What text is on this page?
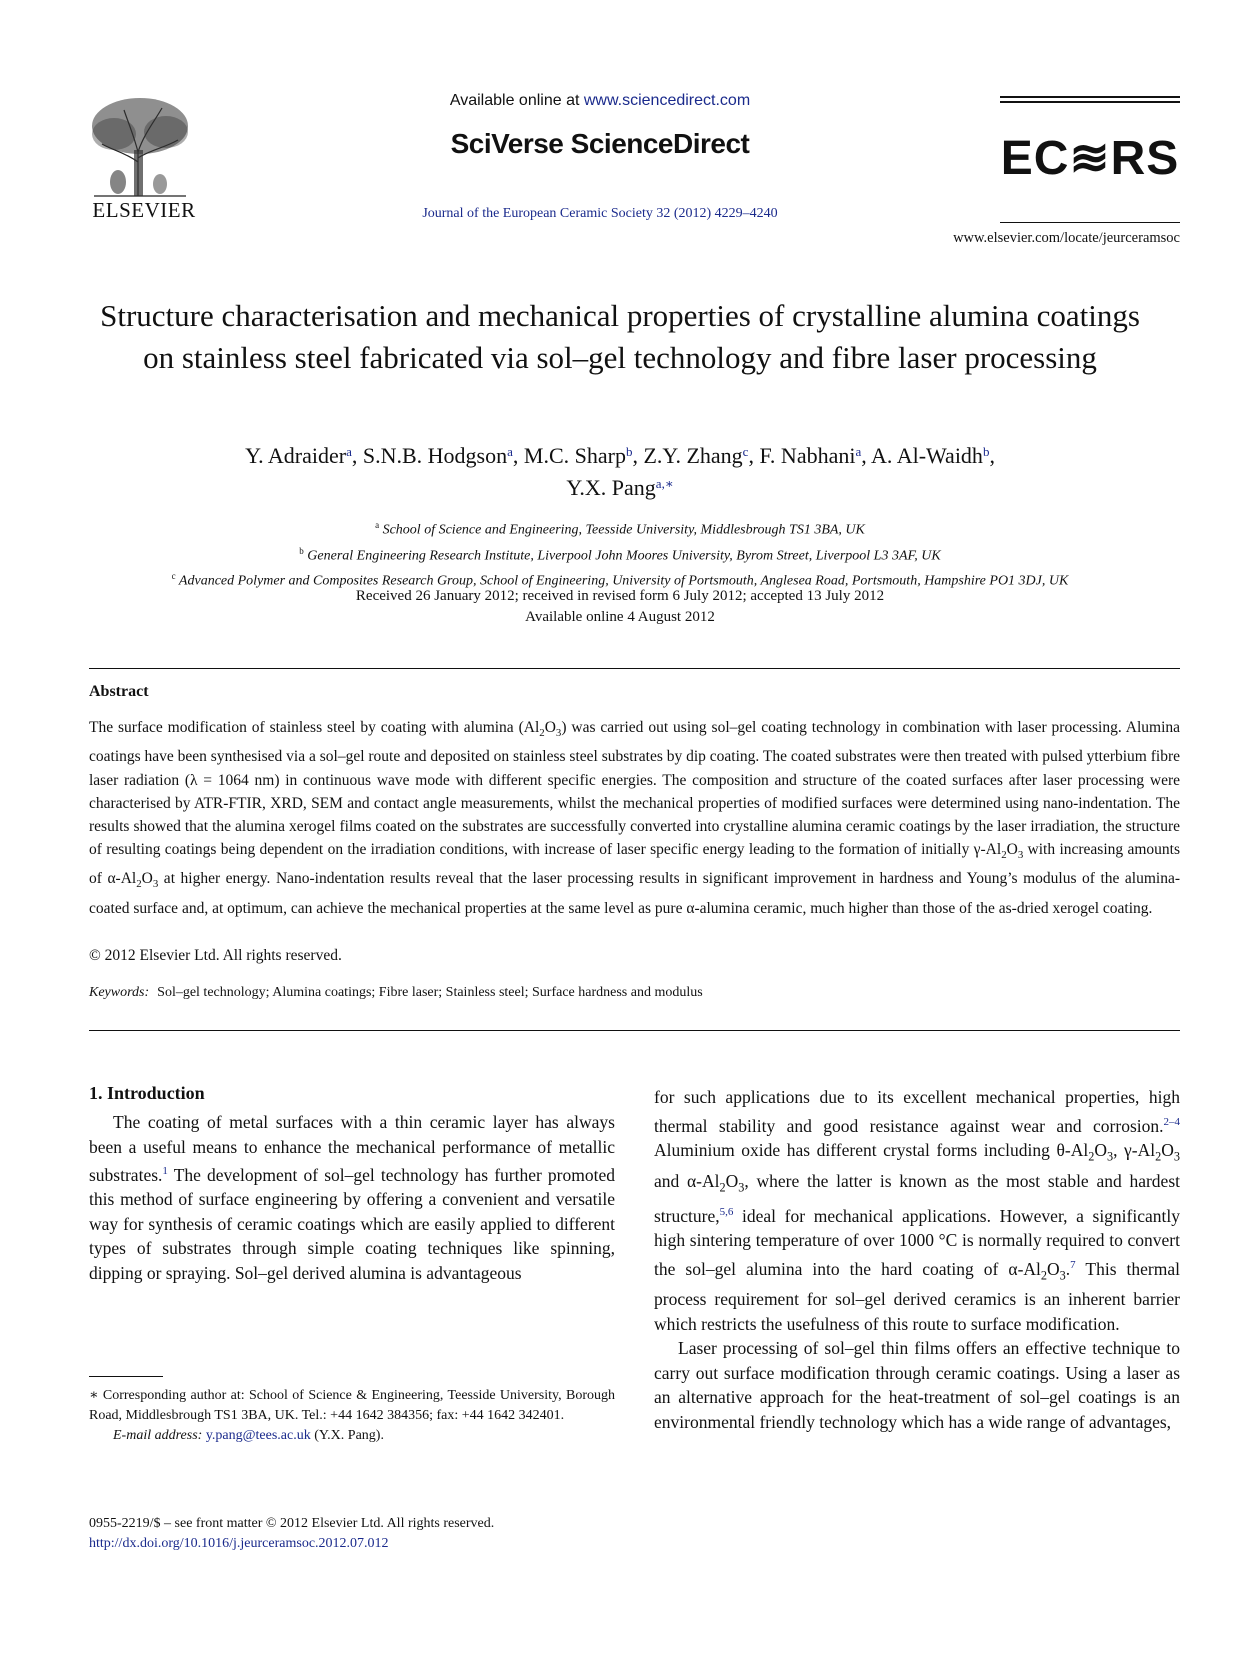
ELSEVIER
Available online at www.sciencedirect.com
SciVerse ScienceDirect
Journal of the European Ceramic Society 32 (2012) 4229–4240
EC≋RS
www.elsevier.com/locate/jeurceramsoc
Structure characterisation and mechanical properties of crystalline alumina coatings on stainless steel fabricated via sol–gel technology and fibre laser processing
Y. Adraider$^a$, S.N.B. Hodgson$^a$, M.C. Sharp$^b$, Z.Y. Zhang$^c$, F. Nabhani$^a$, A. Al-Waidh$^b$,
Y.X. Pang$^{a,∗}$
$^a$ School of Science and Engineering, Teesside University, Middlesbrough TS1 3BA, UK
$^b$ General Engineering Research Institute, Liverpool John Moores University, Byrom Street, Liverpool L3 3AF, UK
$^c$ Advanced Polymer and Composites Research Group, School of Engineering, University of Portsmouth, Anglesea Road, Portsmouth, Hampshire PO1 3DJ, UK
Received 26 January 2012; received in revised form 6 July 2012; accepted 13 July 2012
Available online 4 August 2012
Abstract
The surface modification of stainless steel by coating with alumina $(Al_2O_3)$ was carried out using sol–gel coating technology in combination with laser processing. Alumina coatings have been synthesised via a sol–gel route and deposited on stainless steel substrates by dip coating. The coated substrates were then treated with pulsed ytterbium fibre laser radiation (λ = 1064 nm) in continuous wave mode with different specific energies. The composition and structure of the coated surfaces after laser processing were characterised by ATR-FTIR, XRD, SEM and contact angle measurements, whilst the mechanical properties of modified surfaces were determined using nano-indentation. The results showed that the alumina xerogel films coated on the substrates are successfully converted into crystalline alumina ceramic coatings by the laser irradiation, the structure of resulting coatings being dependent on the irradiation conditions, with increase of laser specific energy leading to the formation of initially $\gamma-Al_2O_3$ with increasing amounts of $\alpha-Al_2O_3$ at higher energy. Nano-indentation results reveal that the laser processing results in significant improvement in hardness and Young’s modulus of the alumina-coated surface and, at optimum, can achieve the mechanical properties at the same level as pure α-alumina ceramic, much higher than those of the as-dried xerogel coating.
© 2012 Elsevier Ltd. All rights reserved.
Keywords: Sol–gel technology; Alumina coatings; Fibre laser; Stainless steel; Surface hardness and modulus
1. Introduction

The coating of metal surfaces with a thin ceramic layer has always been a useful means to enhance the mechanical performance of metallic substrates.$^1$ The development of sol–gel technology has further promoted this method of surface engineering by offering a convenient and versatile way for synthesis of ceramic coatings which are easily applied to different types of substrates through simple coating techniques like spinning, dipping or spraying. Sol–gel derived alumina is advantageous

for such applications due to its excellent mechanical properties, high thermal stability and good resistance against wear and corrosion.$^{2-4}$ Aluminium oxide has different crystal forms including $\theta-Al_2O_3$, $\gamma-Al_2O_3$ and $\alpha-Al_2O_3$, where the latter is known as the most stable and hardest structure,$^{5,6}$ ideal for mechanical applications. However, a significantly high sintering temperature of over 1000 °C is normally required to convert the sol–gel alumina into the hard coating of $\alpha-Al_2O_3.^7$ This thermal process requirement for sol–gel derived ceramics is an inherent barrier which restricts the usefulness of this route to surface modification.

Laser processing of sol–gel thin films offers an effective technique to carry out surface modification through ceramic coatings. Using a laser as an alternative approach for the heat-treatment of sol–gel coatings is an environmental friendly technology which has a wide range of advantages,

∗ Corresponding author at: School of Science & Engineering, Teesside University, Borough Road, Middlesbrough TS1 3BA, UK. Tel.: +44 1642 384356; fax: +44 1642 342401.
E-mail address: y.pang@tees.ac.uk (Y.X. Pang).
0955-2219/$ – see front matter © 2012 Elsevier Ltd. All rights reserved.
http://dx.doi.org/10.1016/j.jeurceramsoc.2012.07.012
